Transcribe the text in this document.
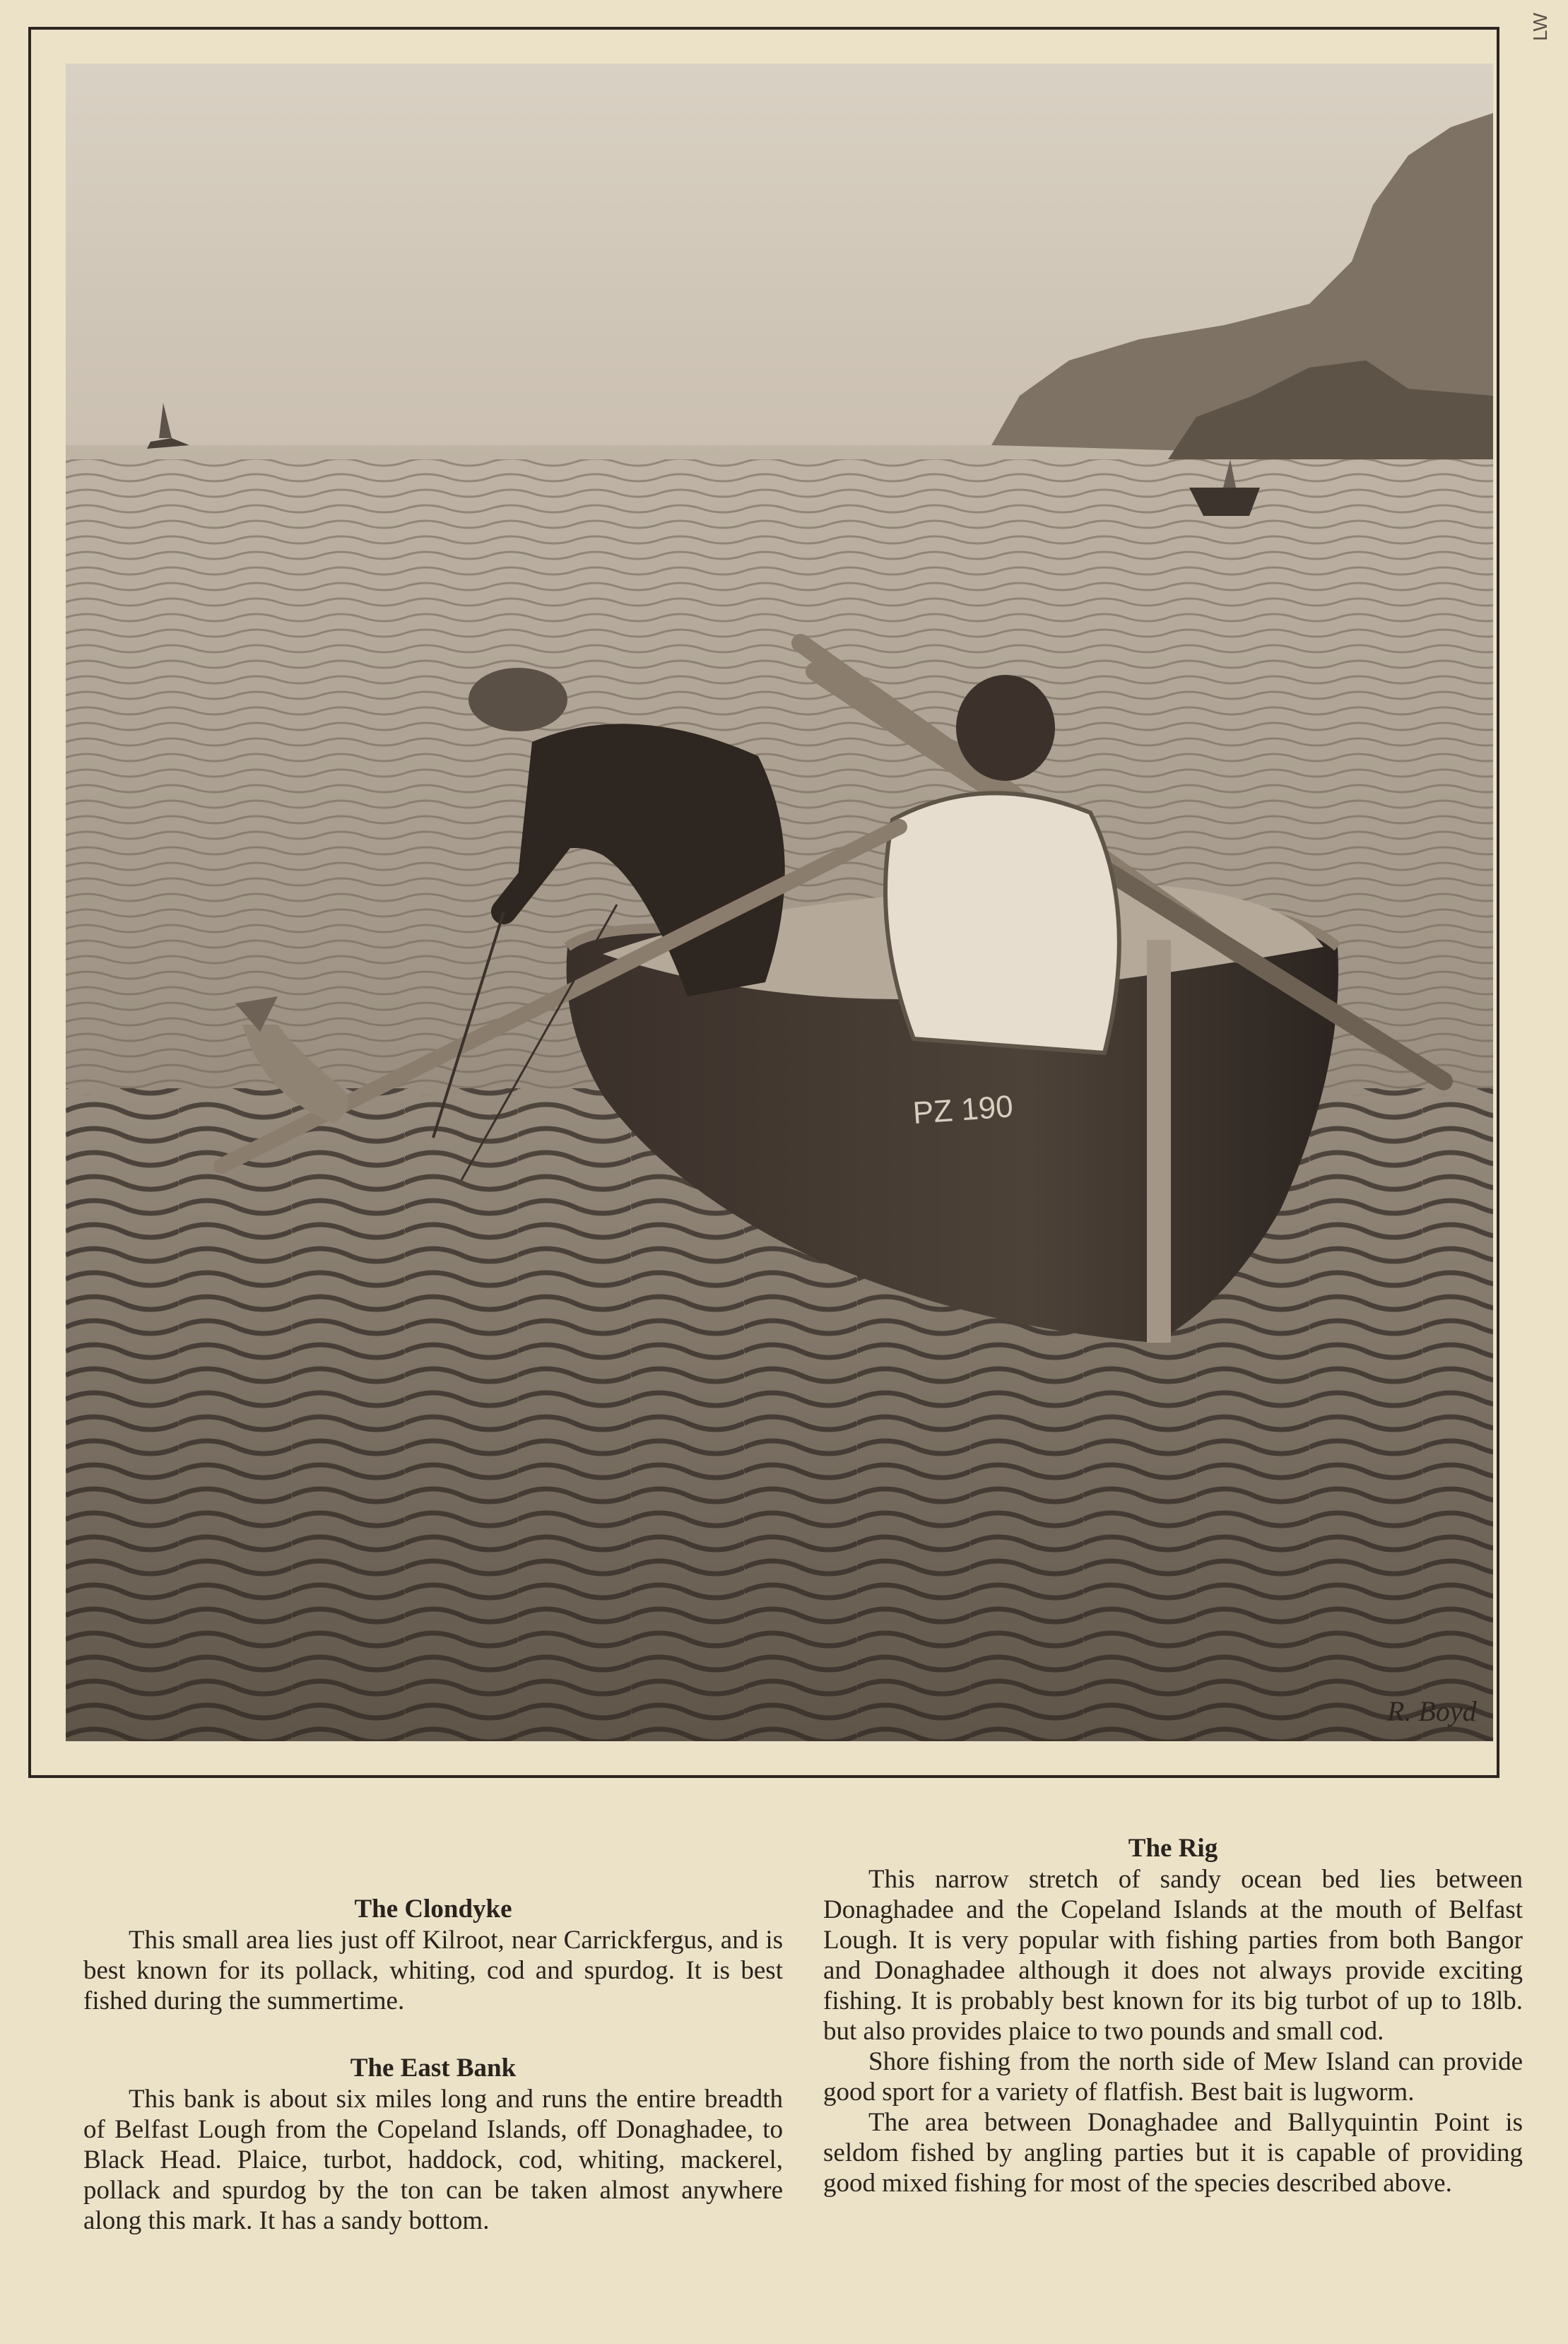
LW
PZ 190
R. Boyd
The Clondyke

This small area lies just off Kilroot, near Carrickfergus, and is best known for its pollack, whiting, cod and spurdog. It is best fished during the summertime.

The East Bank

This bank is about six miles long and runs the entire breadth of Belfast Lough from the Copeland Islands, off Donaghadee, to Black Head. Plaice, turbot, haddock, cod, whiting, mackerel, pollack and spurdog by the ton can be taken almost anywhere along this mark. It has a sandy bottom.

The Rig

This narrow stretch of sandy ocean bed lies between Donaghadee and the Copeland Islands at the mouth of Belfast Lough. It is very popular with fishing parties from both Bangor and Donaghadee although it does not always provide exciting fishing. It is probably best known for its big turbot of up to 18lb. but also provides plaice to two pounds and small cod.

Shore fishing from the north side of Mew Island can provide good sport for a variety of flatfish. Best bait is lugworm.

The area between Donaghadee and Ballyquintin Point is seldom fished by angling parties but it is capable of providing good mixed fishing for most of the species described above.
